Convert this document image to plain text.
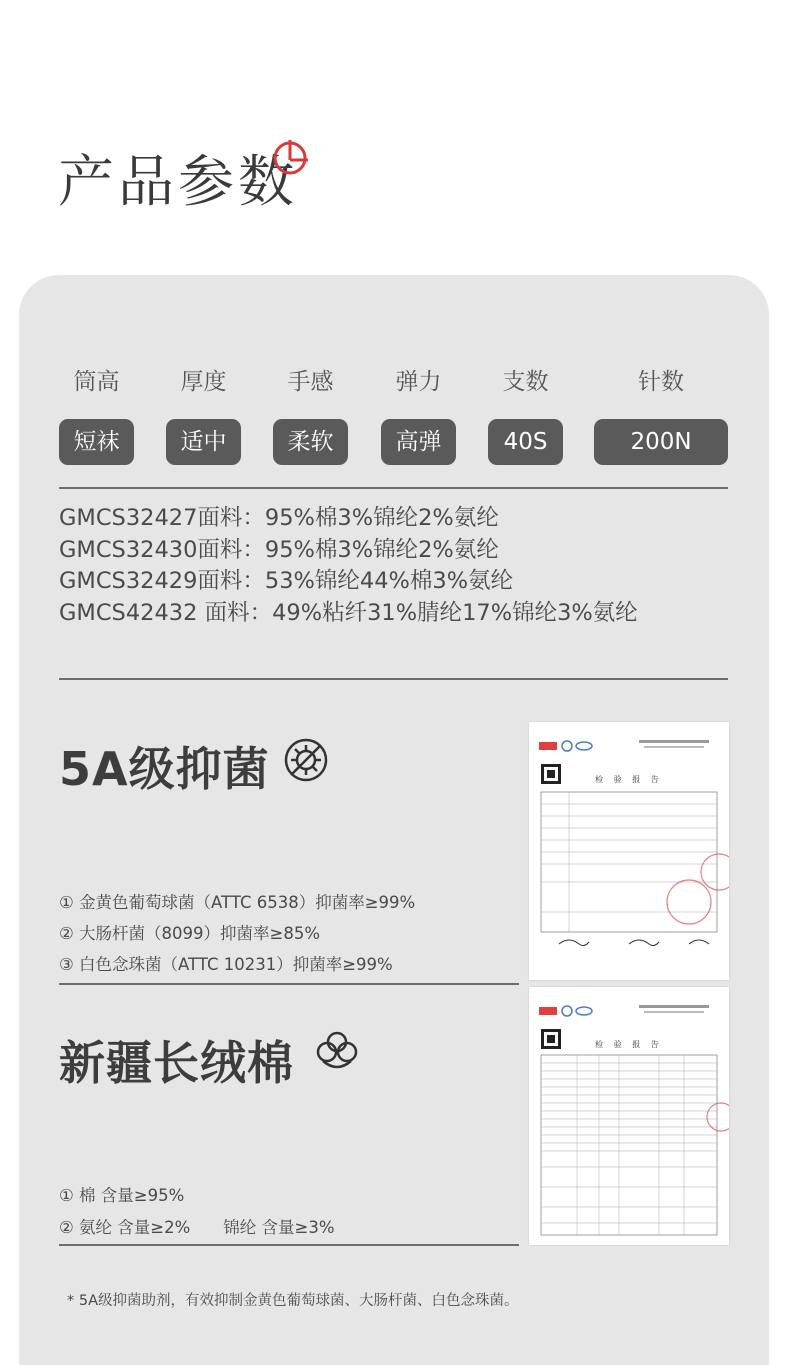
产品参数
筒高
短袜
厚度
适中
手感
柔软
弹力
高弹
支数
40S
针数
200N
GMCS32427面料：95%棉3%锦纶2%氨纶
GMCS32430面料：95%棉3%锦纶2%氨纶
GMCS32429面料：53%锦纶44%棉3%氨纶
GMCS42432 面料：49%粘纤31%腈纶17%锦纶3%氨纶
5A级抑菌
① 金黄色葡萄球菌（ATTC 6538）抑菌率≥99%
② 大肠杆菌（8099）抑菌率≥85%
③ 白色念珠菌（ATTC 10231）抑菌率≥99%
检 验 报 告
新疆长绒棉
① 棉 含量≥95%
② 氨纶 含量≥2%　　锦纶 含量≥3%
检 验 报 告
* 5A级抑菌助剂，有效抑制金黄色葡萄球菌、大肠杆菌、白色念珠菌。
